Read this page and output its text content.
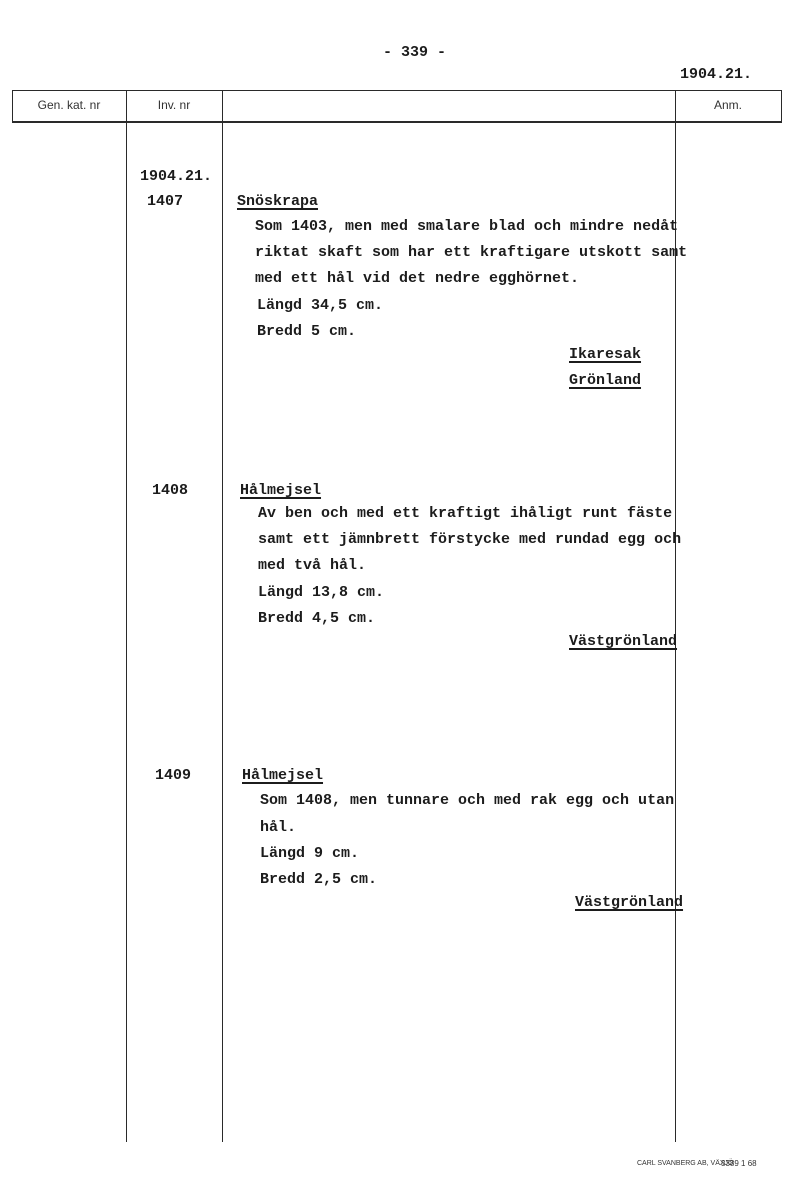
- 339 -
1904.21.
Gen. kat. nr	Inv. nr	Anm.
1904.21.
1407	Snöskrapa
Som 1403, men med smalare blad och mindre nedåt
riktat skaft som har ett kraftigare utskott samt
med ett hål vid det nedre egghörnet.
Längd 34,5 cm.
Bredd 5 cm.
Ikaresak
Grönland
1408	Hålmejsel
Av ben och med ett kraftigt ihåligt runt fäste
samt ett jämnbrett förstycke med rundad egg och
med två hål.
Längd 13,8 cm.
Bredd 4,5 cm.
Västgrönland
1409	Hålmejsel
Som 1408, men tunnare och med rak egg och utan
hål.
Längd 9 cm.
Bredd 2,5 cm.
Västgrönland
CARL SVANBERG AB, VÄXJÖ
3389 1 68
